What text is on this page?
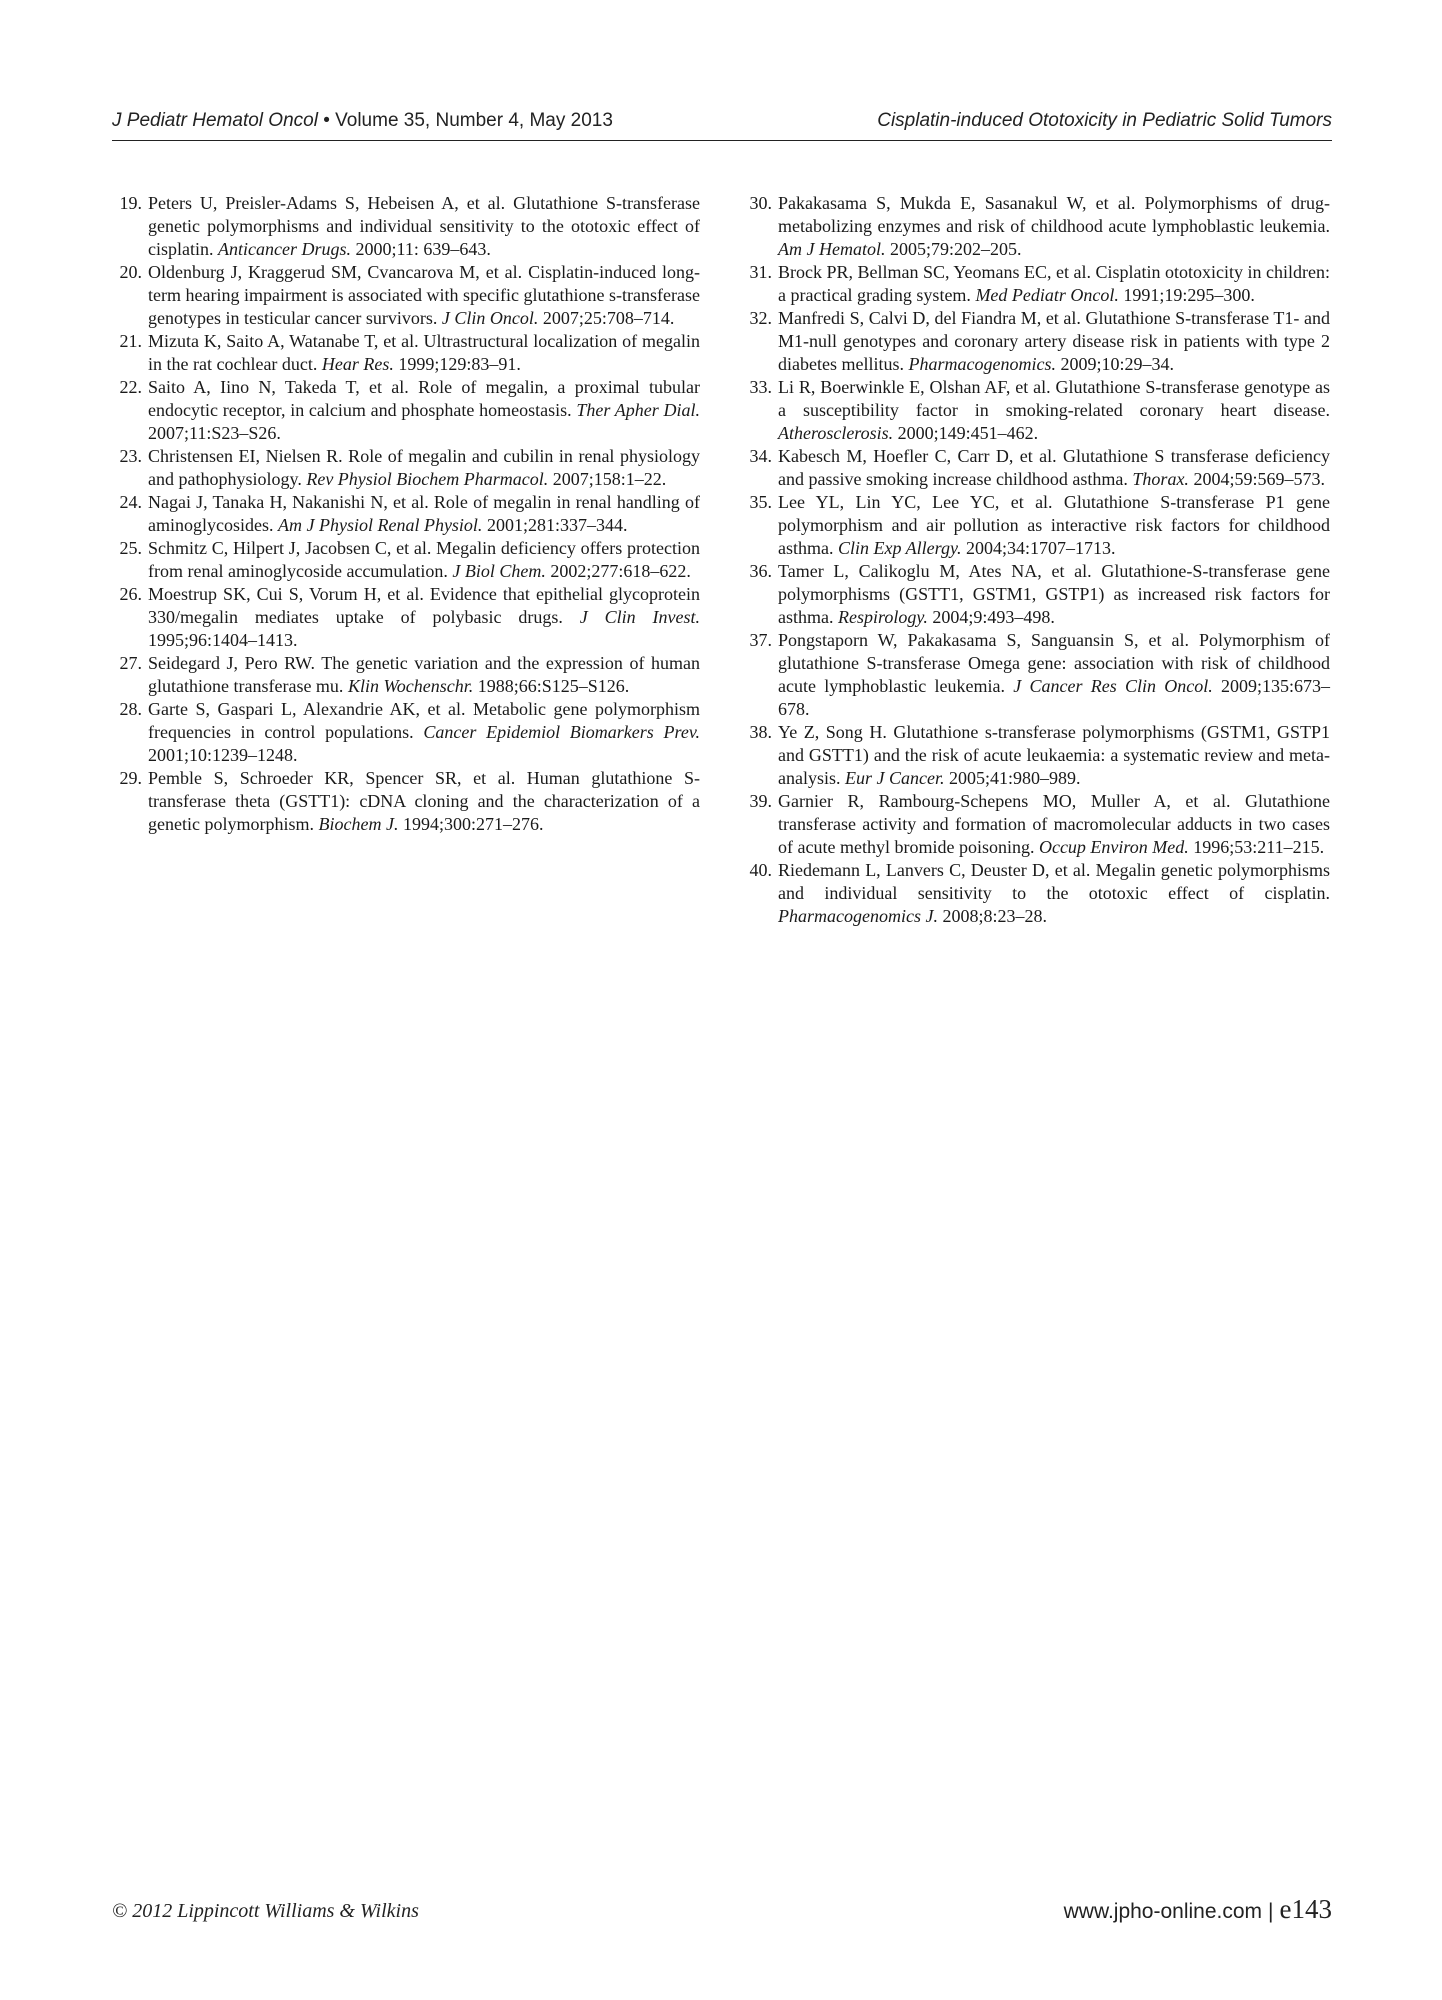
J Pediatr Hematol Oncol • Volume 35, Number 4, May 2013	Cisplatin-induced Ototoxicity in Pediatric Solid Tumors
19. Peters U, Preisler-Adams S, Hebeisen A, et al. Glutathione S-transferase genetic polymorphisms and individual sensitivity to the ototoxic effect of cisplatin. Anticancer Drugs. 2000;11: 639–643.
20. Oldenburg J, Kraggerud SM, Cvancarova M, et al. Cisplatin-induced long-term hearing impairment is associated with specific glutathione s-transferase genotypes in testicular cancer survivors. J Clin Oncol. 2007;25:708–714.
21. Mizuta K, Saito A, Watanabe T, et al. Ultrastructural localization of megalin in the rat cochlear duct. Hear Res. 1999;129:83–91.
22. Saito A, Iino N, Takeda T, et al. Role of megalin, a proximal tubular endocytic receptor, in calcium and phosphate homeostasis. Ther Apher Dial. 2007;11:S23–S26.
23. Christensen EI, Nielsen R. Role of megalin and cubilin in renal physiology and pathophysiology. Rev Physiol Biochem Pharmacol. 2007;158:1–22.
24. Nagai J, Tanaka H, Nakanishi N, et al. Role of megalin in renal handling of aminoglycosides. Am J Physiol Renal Physiol. 2001;281:337–344.
25. Schmitz C, Hilpert J, Jacobsen C, et al. Megalin deficiency offers protection from renal aminoglycoside accumulation. J Biol Chem. 2002;277:618–622.
26. Moestrup SK, Cui S, Vorum H, et al. Evidence that epithelial glycoprotein 330/megalin mediates uptake of polybasic drugs. J Clin Invest. 1995;96:1404–1413.
27. Seidegard J, Pero RW. The genetic variation and the expression of human glutathione transferase mu. Klin Wochenschr. 1988;66:S125–S126.
28. Garte S, Gaspari L, Alexandrie AK, et al. Metabolic gene polymorphism frequencies in control populations. Cancer Epidemiol Biomarkers Prev. 2001;10:1239–1248.
29. Pemble S, Schroeder KR, Spencer SR, et al. Human glutathione S-transferase theta (GSTT1): cDNA cloning and the characterization of a genetic polymorphism. Biochem J. 1994;300:271–276.
30. Pakakasama S, Mukda E, Sasanakul W, et al. Polymorphisms of drug-metabolizing enzymes and risk of childhood acute lymphoblastic leukemia. Am J Hematol. 2005;79:202–205.
31. Brock PR, Bellman SC, Yeomans EC, et al. Cisplatin ototoxicity in children: a practical grading system. Med Pediatr Oncol. 1991;19:295–300.
32. Manfredi S, Calvi D, del Fiandra M, et al. Glutathione S-transferase T1- and M1-null genotypes and coronary artery disease risk in patients with type 2 diabetes mellitus. Pharmacogenomics. 2009;10:29–34.
33. Li R, Boerwinkle E, Olshan AF, et al. Glutathione S-transferase genotype as a susceptibility factor in smoking-related coronary heart disease. Atherosclerosis. 2000;149:451–462.
34. Kabesch M, Hoefler C, Carr D, et al. Glutathione S transferase deficiency and passive smoking increase childhood asthma. Thorax. 2004;59:569–573.
35. Lee YL, Lin YC, Lee YC, et al. Glutathione S-transferase P1 gene polymorphism and air pollution as interactive risk factors for childhood asthma. Clin Exp Allergy. 2004;34:1707–1713.
36. Tamer L, Calikoglu M, Ates NA, et al. Glutathione-S-transferase gene polymorphisms (GSTT1, GSTM1, GSTP1) as increased risk factors for asthma. Respirology. 2004;9:493–498.
37. Pongstaporn W, Pakakasama S, Sanguansin S, et al. Polymorphism of glutathione S-transferase Omega gene: association with risk of childhood acute lymphoblastic leukemia. J Cancer Res Clin Oncol. 2009;135:673–678.
38. Ye Z, Song H. Glutathione s-transferase polymorphisms (GSTM1, GSTP1 and GSTT1) and the risk of acute leukaemia: a systematic review and meta-analysis. Eur J Cancer. 2005;41:980–989.
39. Garnier R, Rambourg-Schepens MO, Muller A, et al. Glutathione transferase activity and formation of macromolecular adducts in two cases of acute methyl bromide poisoning. Occup Environ Med. 1996;53:211–215.
40. Riedemann L, Lanvers C, Deuster D, et al. Megalin genetic polymorphisms and individual sensitivity to the ototoxic effect of cisplatin. Pharmacogenomics J. 2008;8:23–28.
© 2012 Lippincott Williams & Wilkins	www.jpho-online.com | e143
